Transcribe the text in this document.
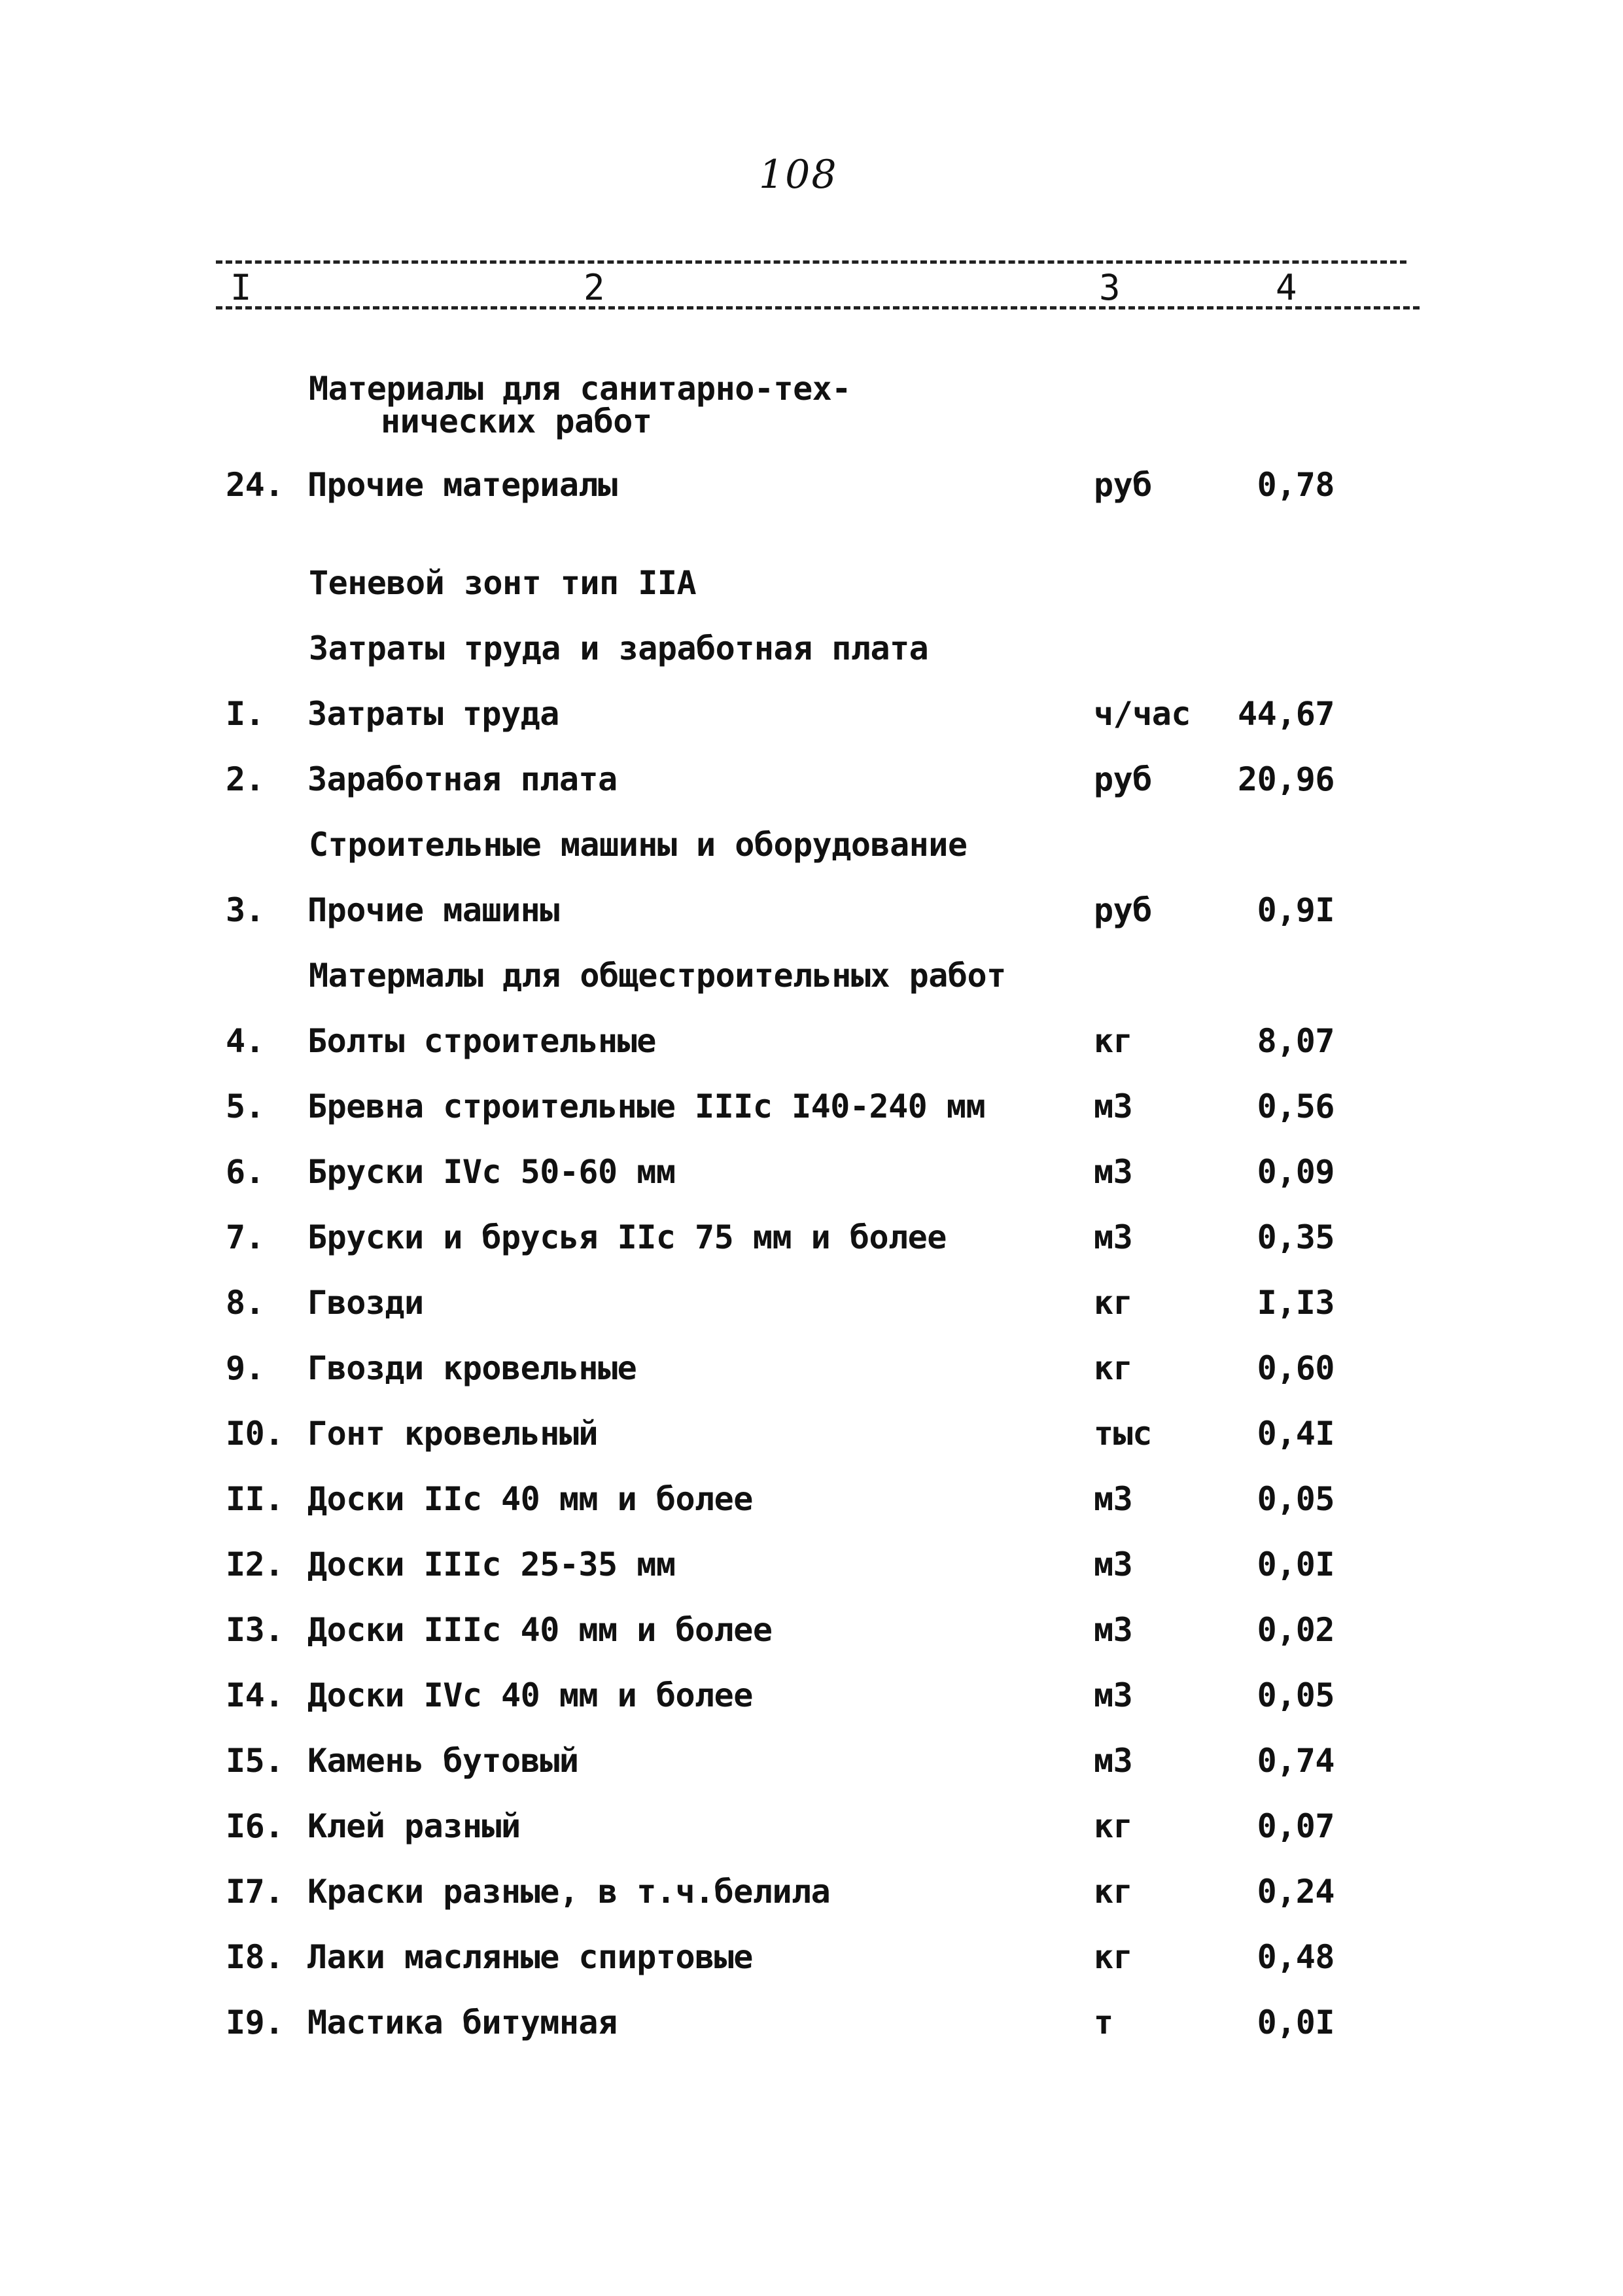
108
I	2	3	4
Материалы для санитарно-тех-
нических работ
24. Прочие материалы	руб	0,78
Теневой зонт тип IIА
Затраты труда и заработная плата
I. Затраты труда	ч/час	44,67
2. Заработная плата	руб	20,96
Строительные машины и оборудование
3. Прочие машины	руб	0,9I
Матермалы для общестроительных работ
4. Болты строительные	кг	8,07
5. Бревна строительные IIIс I40-240 мм	м3	0,56
6. Бруски IVс 50-60 мм	м3	0,09
7. Бруски и брусья IIс 75 мм и более	м3	0,35
8. Гвозди	кг	I,I3
9. Гвозди кровельные	кг	0,60
I0. Гонт кровельный	тыс	0,4I
II. Доски IIс 40 мм и более	м3	0,05
I2. Доски IIIс 25-35 мм	м3	0,0I
I3. Доски IIIс 40 мм и более	м3	0,02
I4. Доски IVс 40 мм и более	м3	0,05
I5. Камень бутовый	м3	0,74
I6. Клей разный	кг	0,07
I7. Краски разные, в т.ч.белила	кг	0,24
I8. Лаки масляные спиртовые	кг	0,48
I9. Мастика битумная	т	0,0I
